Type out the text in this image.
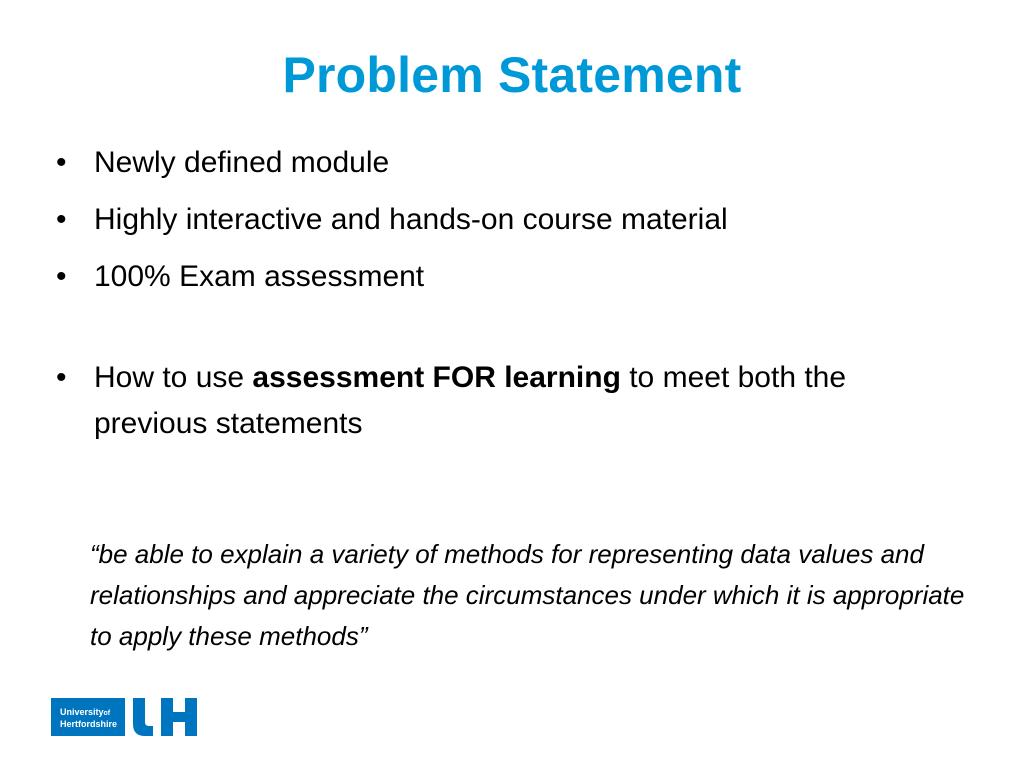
Problem Statement
• Newly defined module
• Highly interactive and hands-on course material
• 100% Exam assessment
• How to use assessment FOR learning to meet both the previous statements

“be able to explain a variety of methods for representing data values and relationships and appreciate the circumstances under which it is appropriate to apply these methods”

Universityof
Hertfordshire
